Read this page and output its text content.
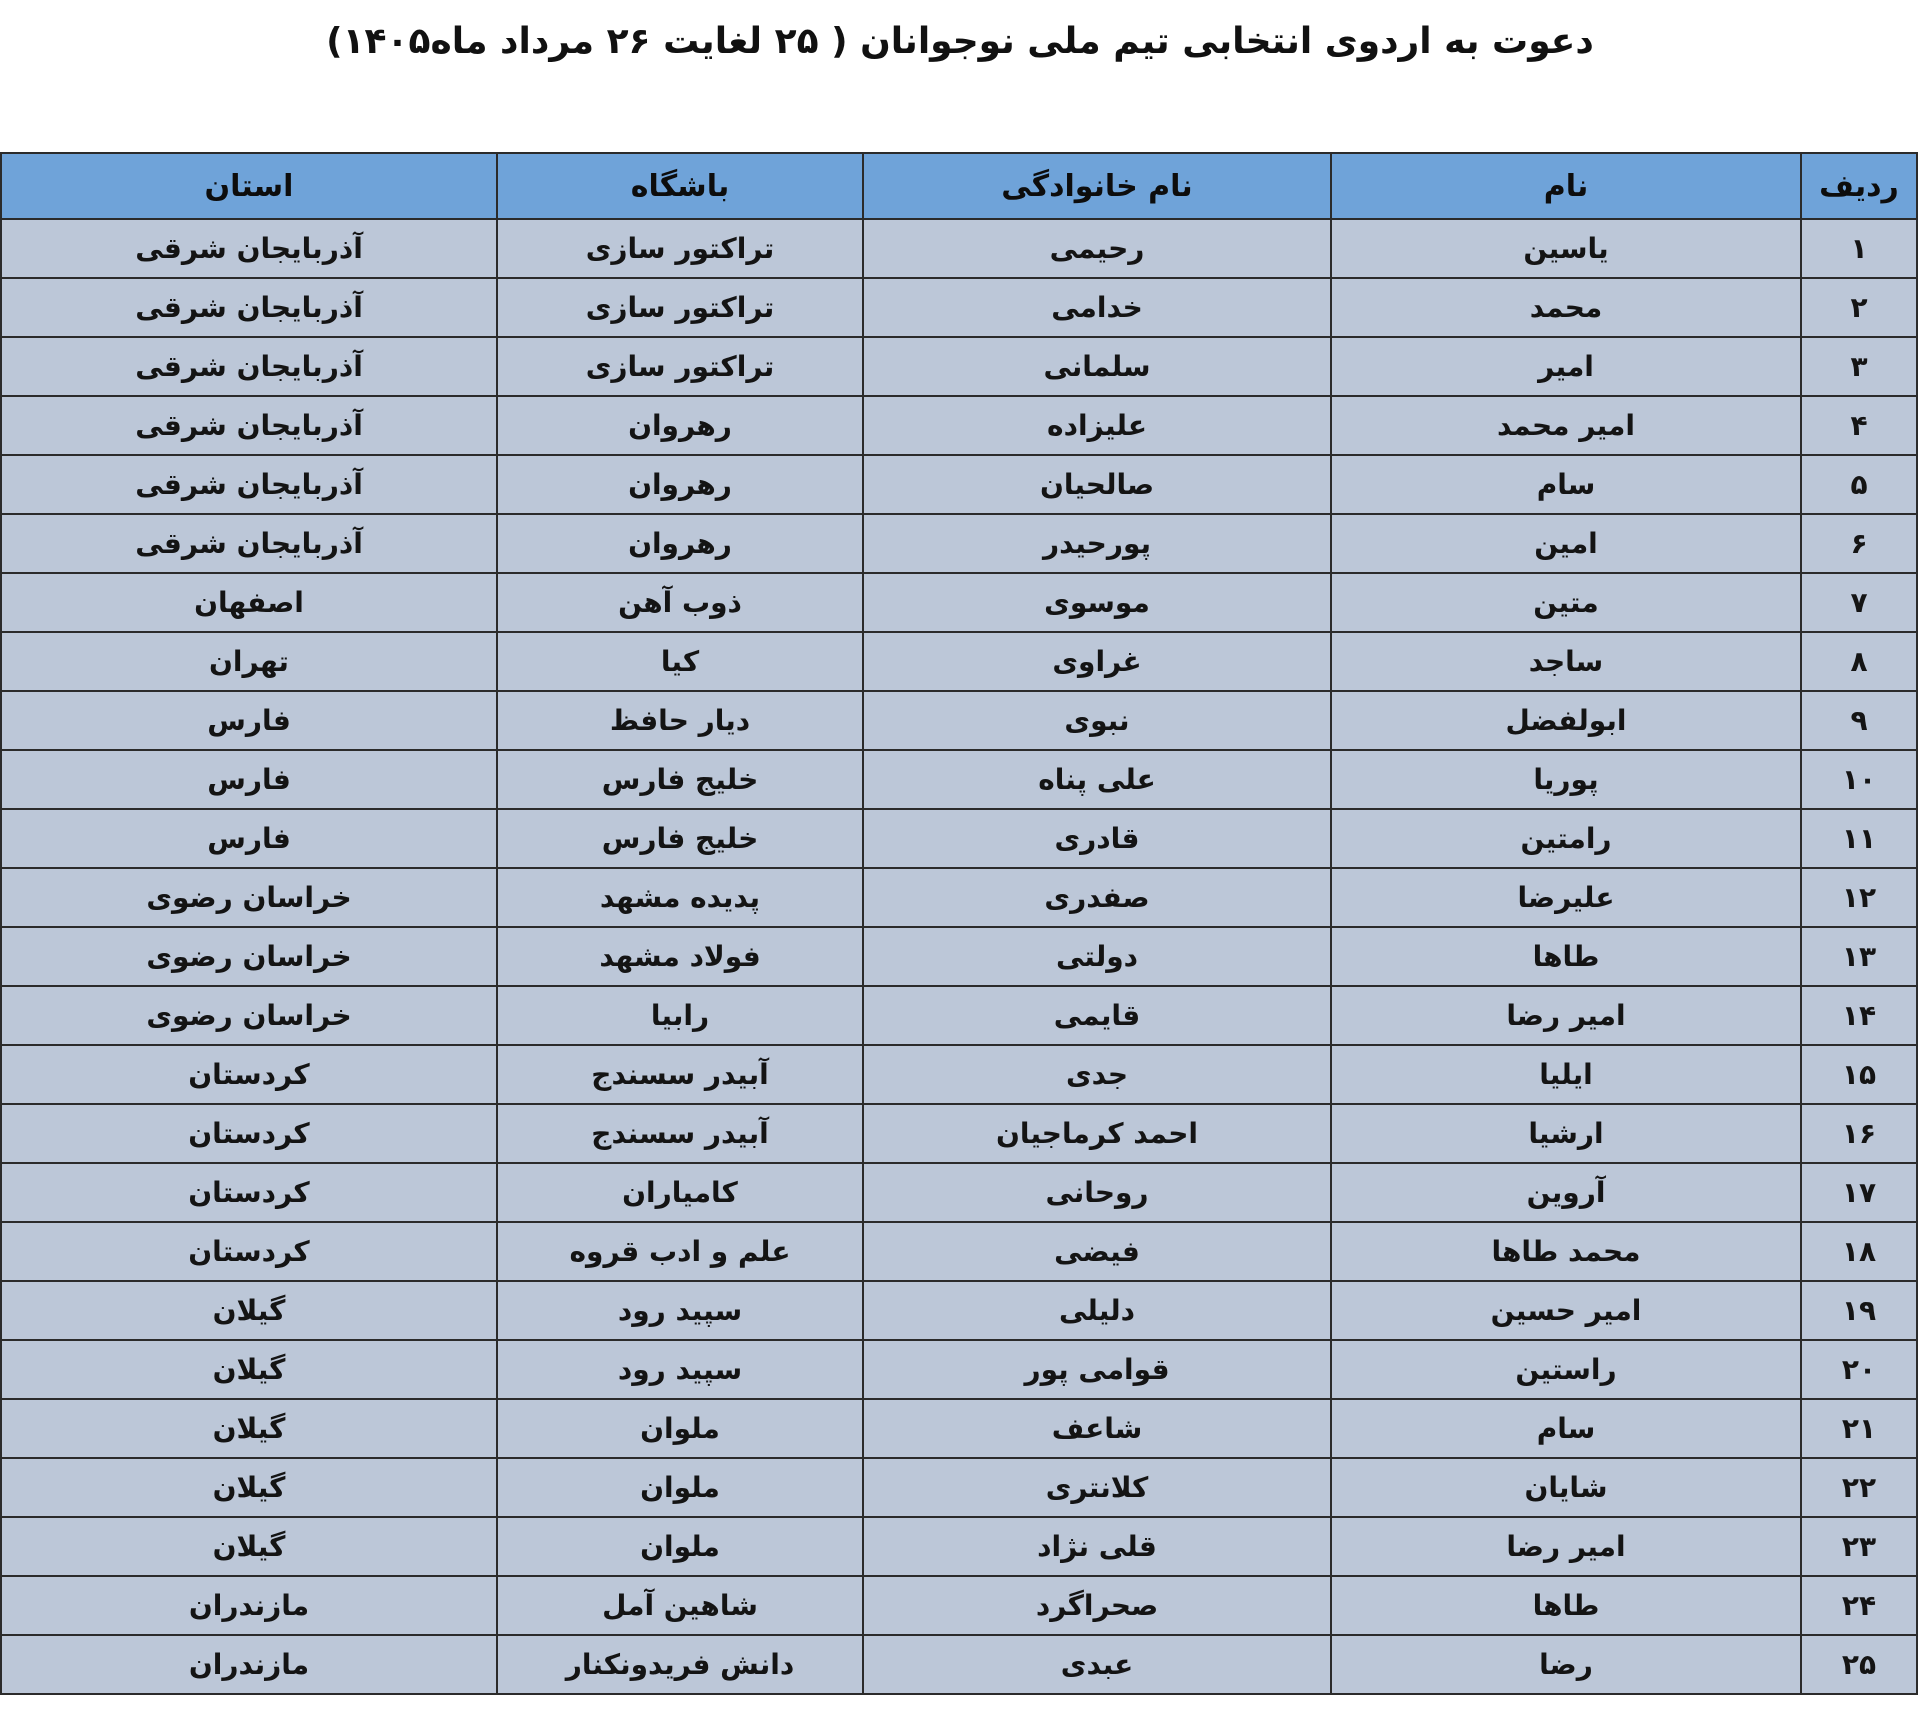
دعوت به اردوی انتخابی تیم ملی نوجوانان ( ۲۵ لغایت ۲۶ مرداد ماه۱۴۰۵)
ردیف	نام	نام خانوادگی	باشگاه	استان
۱	یاسین	رحیمی	تراکتور سازی	آذربایجان شرقی
۲	محمد	خدامی	تراکتور سازی	آذربایجان شرقی
۳	امیر	سلمانی	تراکتور سازی	آذربایجان شرقی
۴	امیر محمد	علیزاده	رهروان	آذربایجان شرقی
۵	سام	صالحیان	رهروان	آذربایجان شرقی
۶	امین	پورحیدر	رهروان	آذربایجان شرقی
۷	متین	موسوی	ذوب آهن	اصفهان
۸	ساجد	غراوی	کیا	تهران
۹	ابولفضل	نبوی	دیار حافظ	فارس
۱۰	پوریا	علی پناه	خلیج فارس	فارس
۱۱	رامتین	قادری	خلیج فارس	فارس
۱۲	علیرضا	صفدری	پدیده مشهد	خراسان رضوی
۱۳	طاها	دولتی	فولاد مشهد	خراسان رضوی
۱۴	امیر رضا	قایمی	رابیا	خراسان رضوی
۱۵	ایلیا	جدی	آبیدر سسندج	کردستان
۱۶	ارشیا	احمد کرماجیان	آبیدر سسندج	کردستان
۱۷	آروین	روحانی	کامیاران	کردستان
۱۸	محمد طاها	فیضی	علم و ادب قروه	کردستان
۱۹	امیر حسین	دلیلی	سپید رود	گیلان
۲۰	راستین	قوامی پور	سپید رود	گیلان
۲۱	سام	شاعف	ملوان	گیلان
۲۲	شایان	کلانتری	ملوان	گیلان
۲۳	امیر رضا	قلی نژاد	ملوان	گیلان
۲۴	طاها	صحراگرد	شاهین آمل	مازندران
۲۵	رضا	عبدی	دانش فریدونکنار	مازندران
